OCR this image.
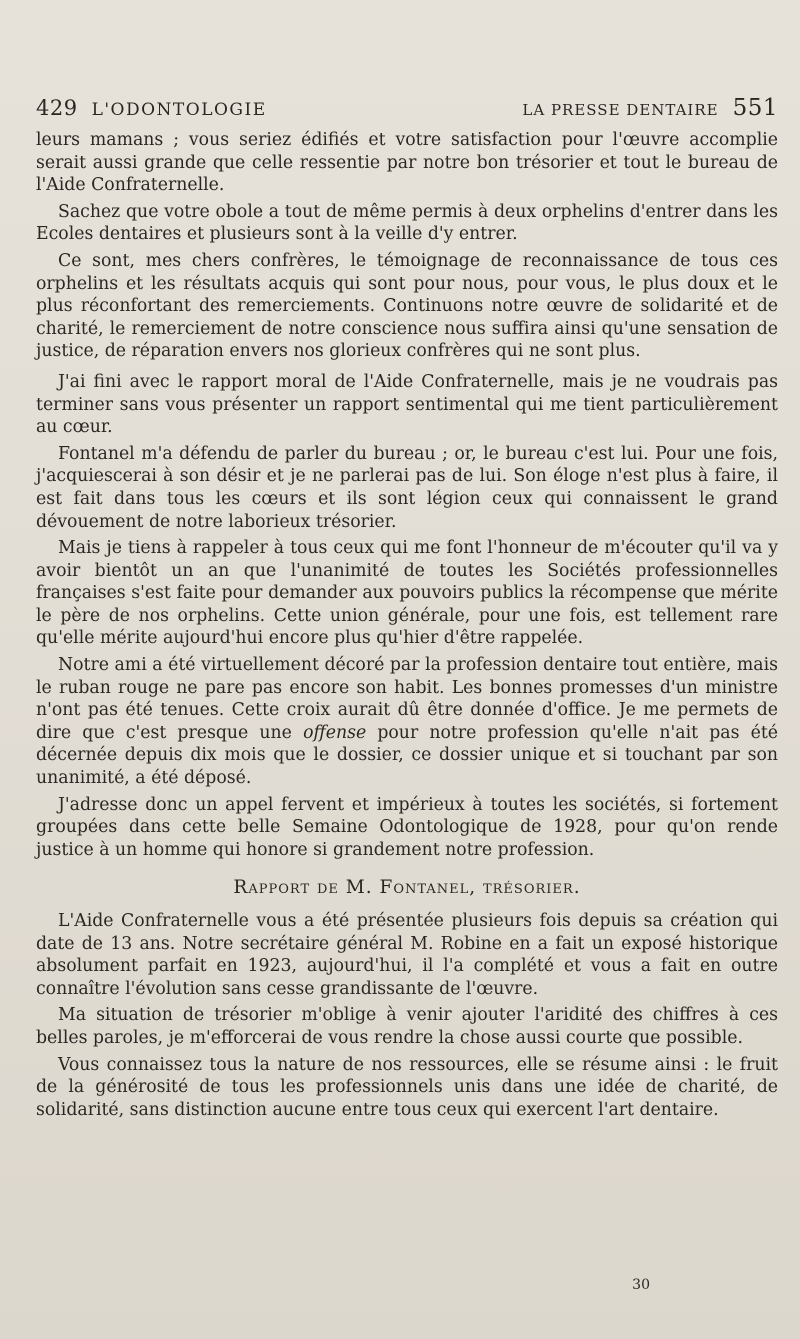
429 L'ODONTOLOGIE	LA PRESSE DENTAIRE 551

leurs mamans ; vous seriez édifiés et votre satisfaction pour l'œuvre accomplie serait aussi grande que celle ressentie par notre bon trésorier et tout le bureau de l'Aide Confraternelle.

Sachez que votre obole a tout de même permis à deux orphelins d'entrer dans les Ecoles dentaires et plusieurs sont à la veille d'y entrer.

Ce sont, mes chers confrères, le témoignage de reconnaissance de tous ces orphelins et les résultats acquis qui sont pour nous, pour vous, le plus doux et le plus réconfortant des remerciements. Continuons notre œuvre de solidarité et de charité, le remerciement de notre conscience nous suffira ainsi qu'une sensation de justice, de réparation envers nos glorieux confrères qui ne sont plus.

J'ai fini avec le rapport moral de l'Aide Confraternelle, mais je ne voudrais pas terminer sans vous présenter un rapport sentimental qui me tient particulièrement au cœur.

Fontanel m'a défendu de parler du bureau ; or, le bureau c'est lui. Pour une fois, j'acquiescerai à son désir et je ne parlerai pas de lui. Son éloge n'est plus à faire, il est fait dans tous les cœurs et ils sont légion ceux qui connaissent le grand dévouement de notre laborieux trésorier.

Mais je tiens à rappeler à tous ceux qui me font l'honneur de m'écouter qu'il va y avoir bientôt un an que l'unanimité de toutes les Sociétés professionnelles françaises s'est faite pour demander aux pouvoirs publics la récompense que mérite le père de nos orphelins. Cette union générale, pour une fois, est tellement rare qu'elle mérite aujourd'hui encore plus qu'hier d'être rappelée.

Notre ami a été virtuellement décoré par la profession dentaire tout entière, mais le ruban rouge ne pare pas encore son habit. Les bonnes promesses d'un ministre n'ont pas été tenues. Cette croix aurait dû être donnée d'office. Je me permets de dire que c'est presque une offense pour notre profession qu'elle n'ait pas été décernée depuis dix mois que le dossier, ce dossier unique et si touchant par son unanimité, a été déposé.

J'adresse donc un appel fervent et impérieux à toutes les sociétés, si fortement groupées dans cette belle Semaine Odontologique de 1928, pour qu'on rende justice à un homme qui honore si grandement notre profession.

Rapport de M. Fontanel, trésorier.

L'Aide Confraternelle vous a été présentée plusieurs fois depuis sa création qui date de 13 ans. Notre secrétaire général M. Robine en a fait un exposé historique absolument parfait en 1923, aujourd'hui, il l'a complété et vous a fait en outre connaître l'évolution sans cesse grandissante de l'œuvre.

Ma situation de trésorier m'oblige à venir ajouter l'aridité des chiffres à ces belles paroles, je m'efforcerai de vous rendre la chose aussi courte que possible.

Vous connaissez tous la nature de nos ressources, elle se résume ainsi : le fruit de la générosité de tous les professionnels unis dans une idée de charité, de solidarité, sans distinction aucune entre tous ceux qui exercent l'art dentaire.

30
